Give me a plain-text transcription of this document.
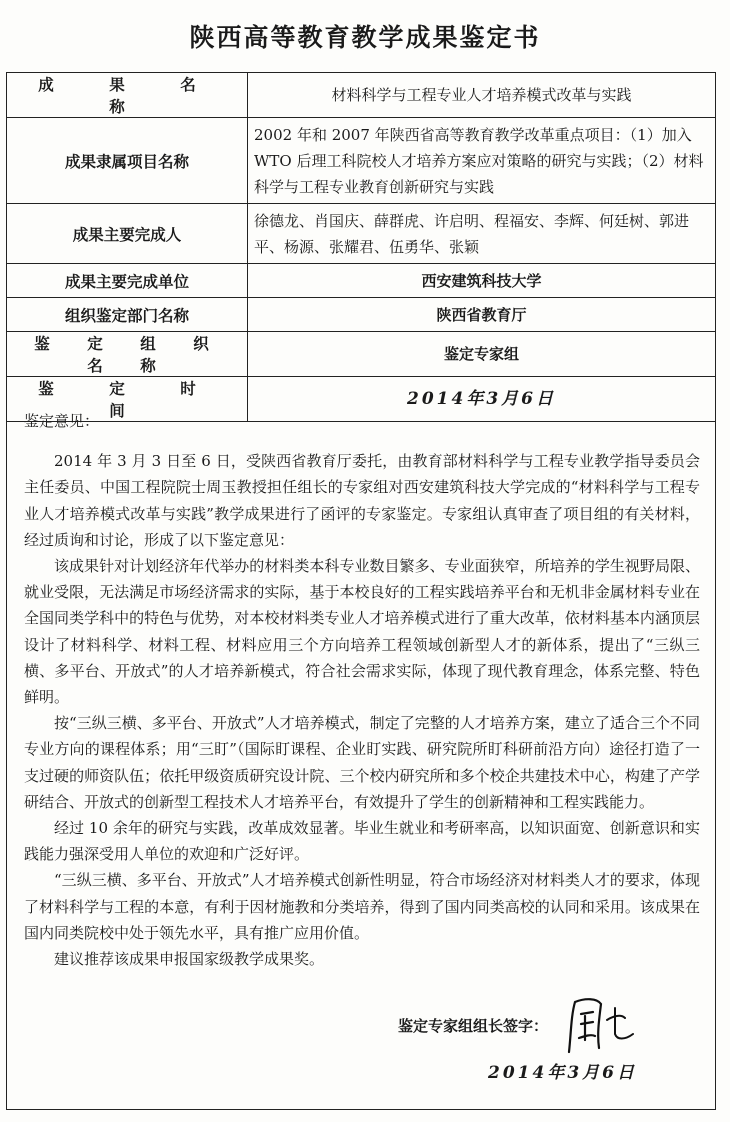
陕西高等教育教学成果鉴定书
成　果　名　称	材料科学与工程专业人才培养模式改革与实践
成果隶属项目名称	2002 年和 2007 年陕西省高等教育教学改革重点项目：（1）加入 WTO 后理工科院校人才培养方案应对策略的研究与实践；（2）材料科学与工程专业教育创新研究与实践
成果主要完成人	徐德龙、肖国庆、薛群虎、许启明、程福安、李辉、何廷树、郭进平、杨源、张耀君、伍勇华、张颖
成果主要完成单位	西安建筑科技大学
组织鉴定部门名称	陕西省教育厅
鉴　定　组　织　名　称	鉴定专家组
鉴　定　时　间	2014年3月6日
鉴定意见：

2014 年 3 月 3 日至 6 日，受陕西省教育厅委托，由教育部材料科学与工程专业教学指导委员会主任委员、中国工程院院士周玉教授担任组长的专家组对西安建筑科技大学完成的“材料科学与工程专业人才培养模式改革与实践”教学成果进行了函评的专家鉴定。专家组认真审查了项目组的有关材料，经过质询和讨论，形成了以下鉴定意见：

该成果针对计划经济年代举办的材料类本科专业数目繁多、专业面狭窄，所培养的学生视野局限、就业受限，无法满足市场经济需求的实际，基于本校良好的工程实践培养平台和无机非金属材料专业在全国同类学科中的特色与优势，对本校材料类专业人才培养模式进行了重大改革，依材料基本内涵顶层设计了材料科学、材料工程、材料应用三个方向培养工程领域创新型人才的新体系，提出了“三纵三横、多平台、开放式”的人才培养新模式，符合社会需求实际，体现了现代教育理念，体系完整、特色鲜明。

按“三纵三横、多平台、开放式”人才培养模式，制定了完整的人才培养方案，建立了适合三个不同专业方向的课程体系；用“三盯”（国际盯课程、企业盯实践、研究院所盯科研前沿方向）途径打造了一支过硬的师资队伍；依托甲级资质研究设计院、三个校内研究所和多个校企共建技术中心，构建了产学研结合、开放式的创新型工程技术人才培养平台，有效提升了学生的创新精神和工程实践能力。

经过 10 余年的研究与实践，改革成效显著。毕业生就业和考研率高，以知识面宽、创新意识和实践能力强深受用人单位的欢迎和广泛好评。

“三纵三横、多平台、开放式”人才培养模式创新性明显，符合市场经济对材料类人才的要求，体现了材料科学与工程的本意，有利于因材施教和分类培养，得到了国内同类高校的认同和采用。该成果在国内同类院校中处于领先水平，具有推广应用价值。

建议推荐该成果申报国家级教学成果奖。

鉴定专家组组长签字：
2014年3月6日
